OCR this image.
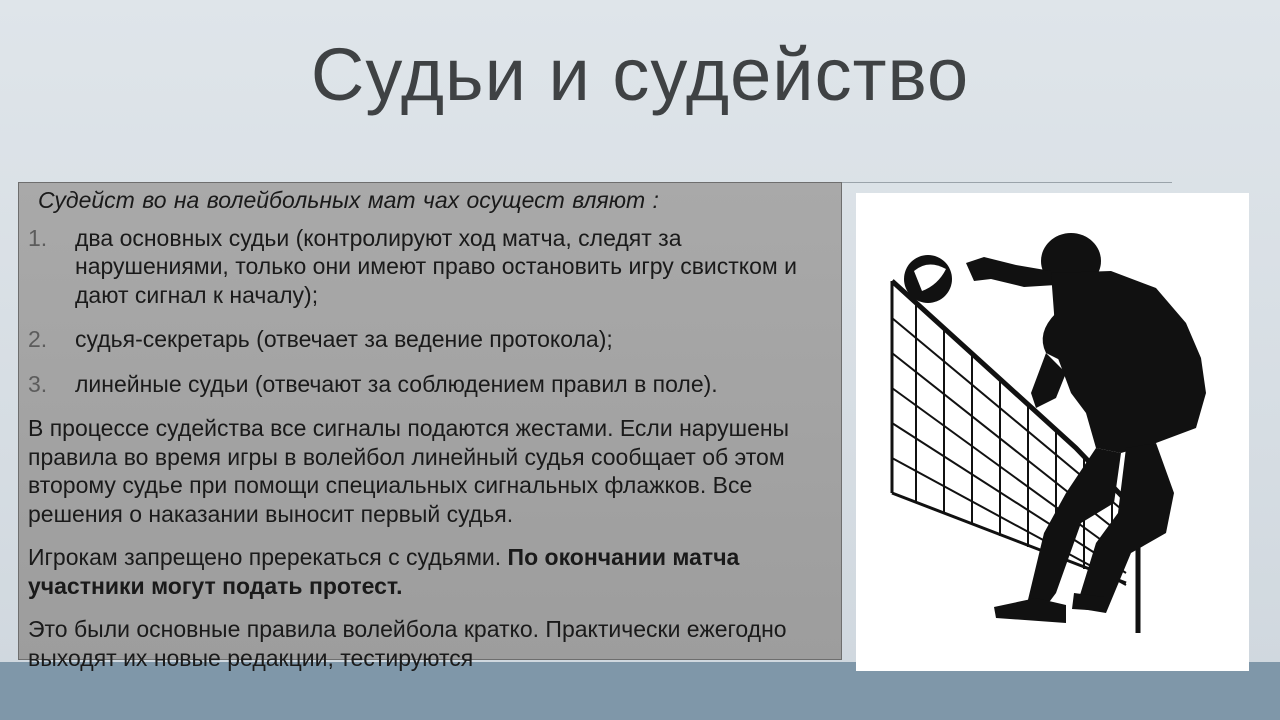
Судьи и судейство
Судейст во на волейбольных мат чах осущест вляют :
1.	два основных судьи (контролируют ход матча, следят за нарушениями, только они имеют право остановить игру свистком и дают сигнал к началу);
2.	судья-секретарь (отвечает за ведение протокола);
3.	линейные судьи (отвечают за соблюдением правил в поле).

В процессе судейства все сигналы подаются жестами. Если нарушены правила во время игры в волейбол линейный судья сообщает об этом второму судье при помощи специальных сигнальных флажков. Все решения о наказании выносит первый судья.

Игрокам запрещено пререкаться с судьями. По окончании матча участники могут подать протест.

Это были основные правила волейбола кратко. Практически ежегодно выходят их новые редакции, тестируются
